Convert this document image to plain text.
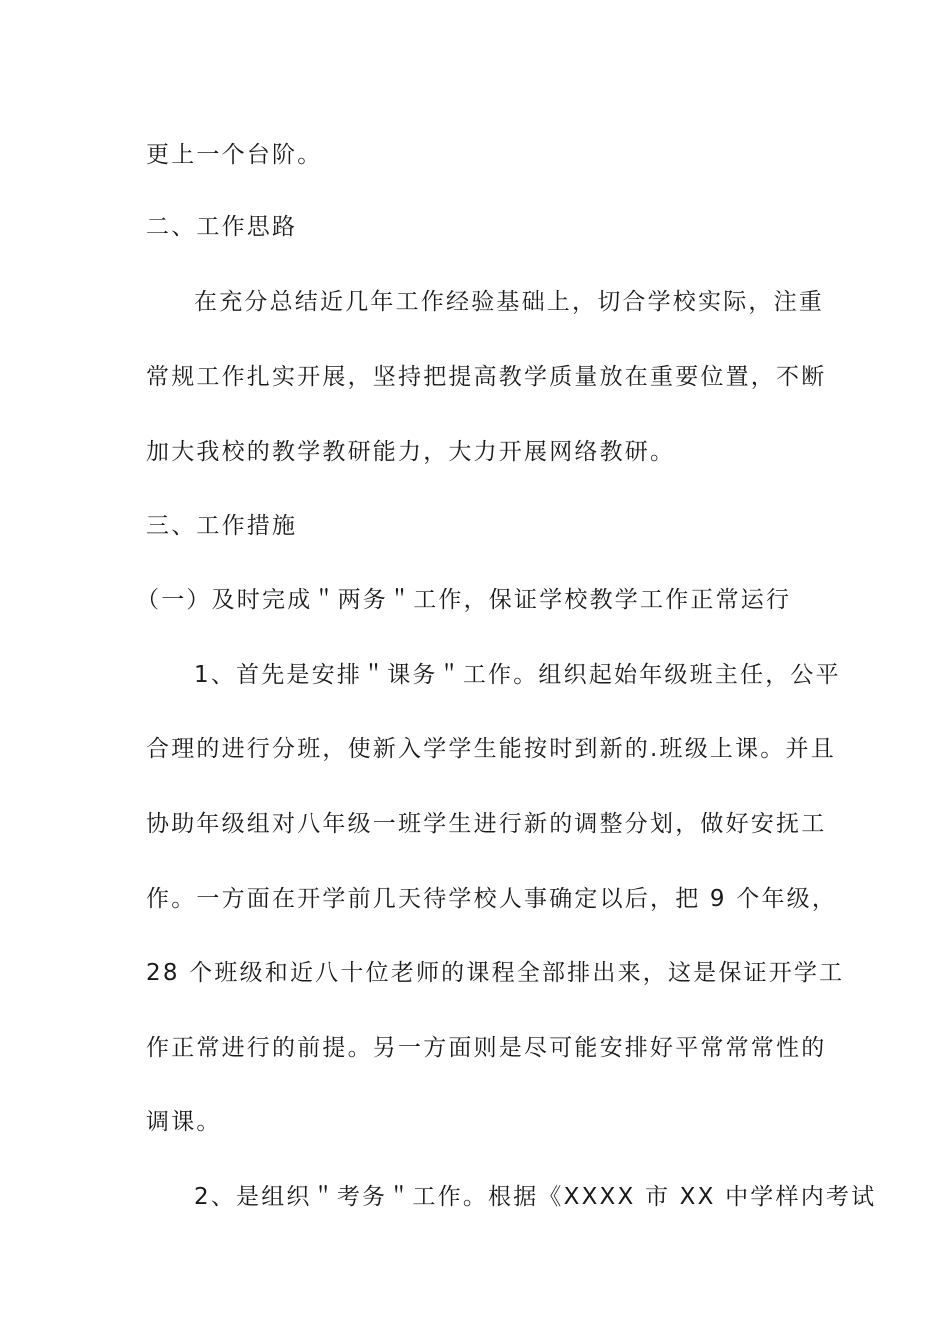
更上一个台阶。
二、工作思路
在充分总结近几年工作经验基础上，切合学校实际，注重
常规工作扎实开展，坚持把提高教学质量放在重要位置，不断
加大我校的教学教研能力，大力开展网络教研。
三、工作措施
（一）及时完成＂两务＂工作，保证学校教学工作正常运行
1、首先是安排＂课务＂工作。组织起始年级班主任，公平
合理的进行分班，使新入学学生能按时到新的.班级上课。并且
协助年级组对八年级一班学生进行新的调整分划，做好安抚工
作。一方面在开学前几天待学校人事确定以后，把 9 个年级，
28 个班级和近八十位老师的课程全部排出来，这是保证开学工
作正常进行的前提。另一方面则是尽可能安排好平常常常性的
调课。
2、是组织＂考务＂工作。根据《XXXX 市 XX 中学样内考试
